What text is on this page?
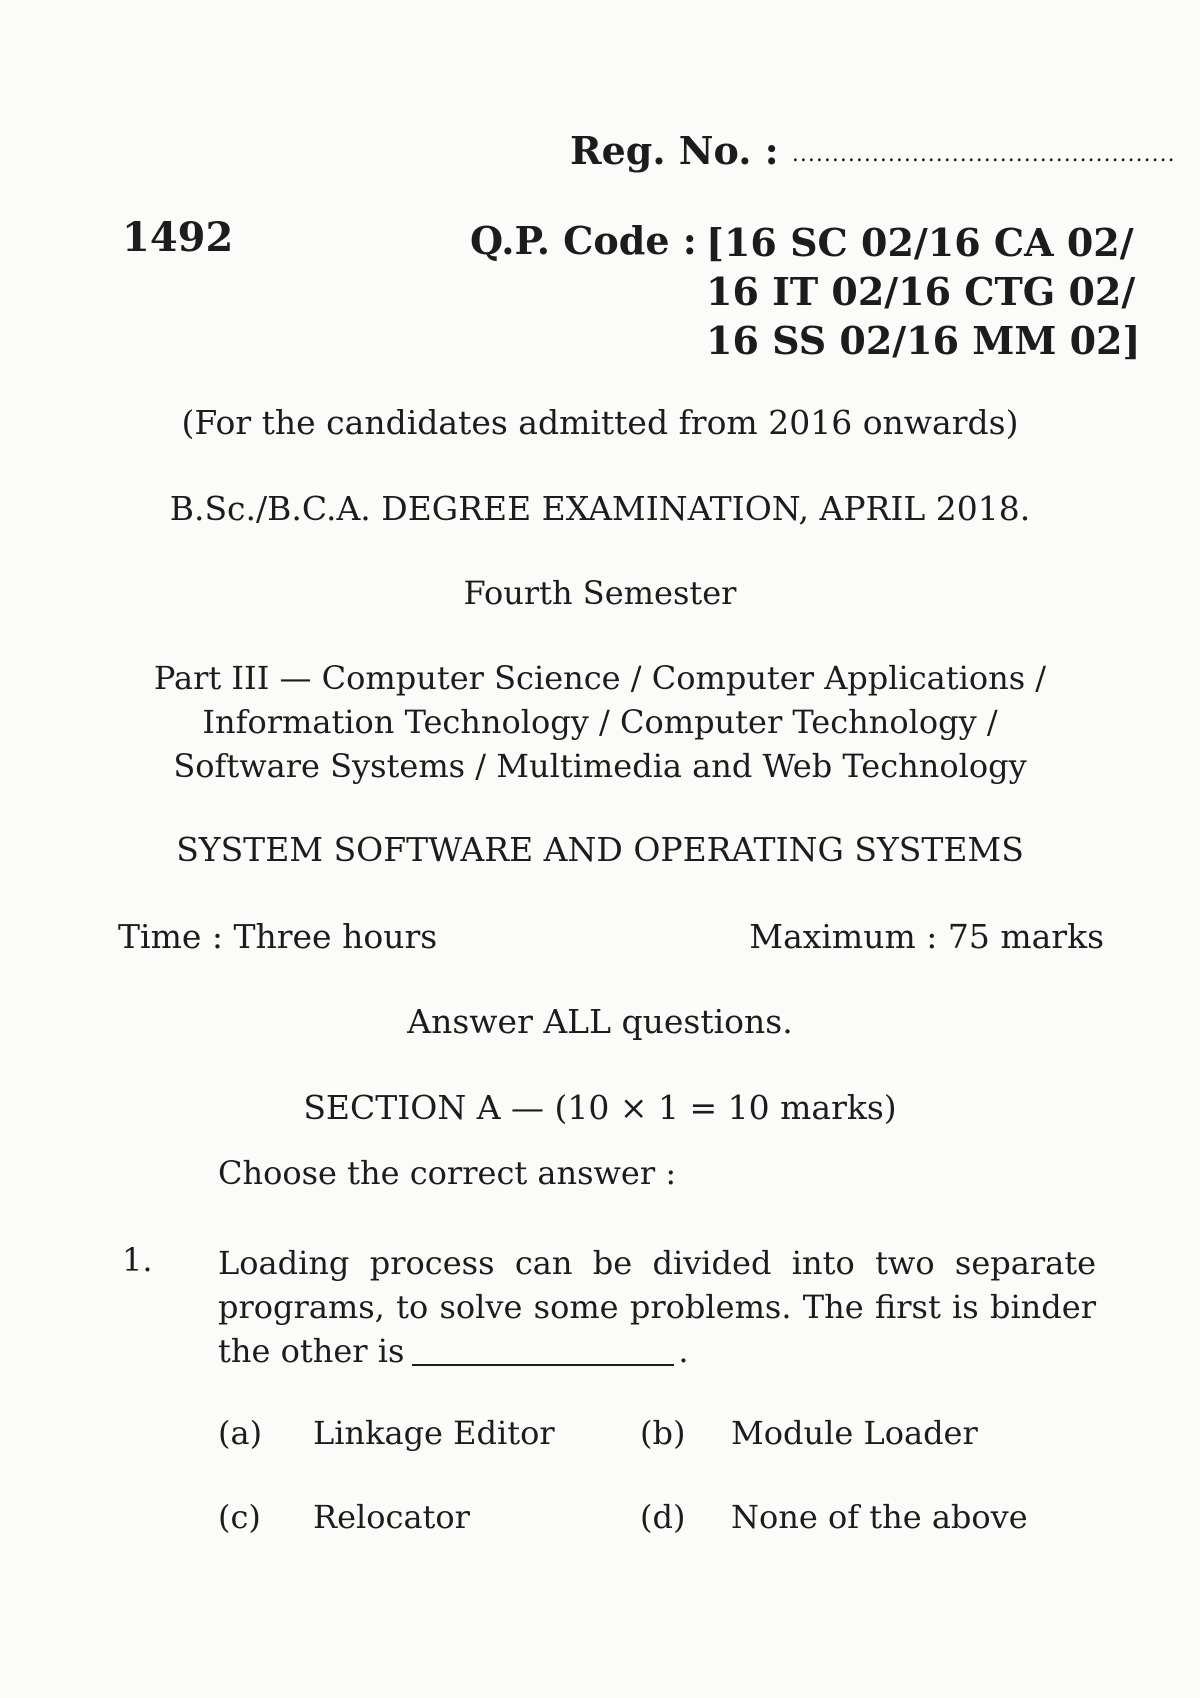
Reg. No. : ................................................
1492	Q.P. Code : [16 SC 02/16 CA 02/
16 IT 02/16 CTG 02/
16 SS 02/16 MM 02]
(For the candidates admitted from 2016 onwards)
B.Sc./B.C.A. DEGREE EXAMINATION, APRIL 2018.
Fourth Semester
Part III — Computer Science / Computer Applications /
Information Technology / Computer Technology /
Software Systems / Multimedia and Web Technology
SYSTEM SOFTWARE AND OPERATING SYSTEMS
Time : Three hours	Maximum : 75 marks
Answer ALL questions.
SECTION A — (10 × 1 = 10 marks)
Choose the correct answer :
1. Loading process can be divided into two separate programs, to solve some problems. The first is binder the other is	.
(a) Linkage Editor	(b) Module Loader
(c) Relocator	(d) None of the above
